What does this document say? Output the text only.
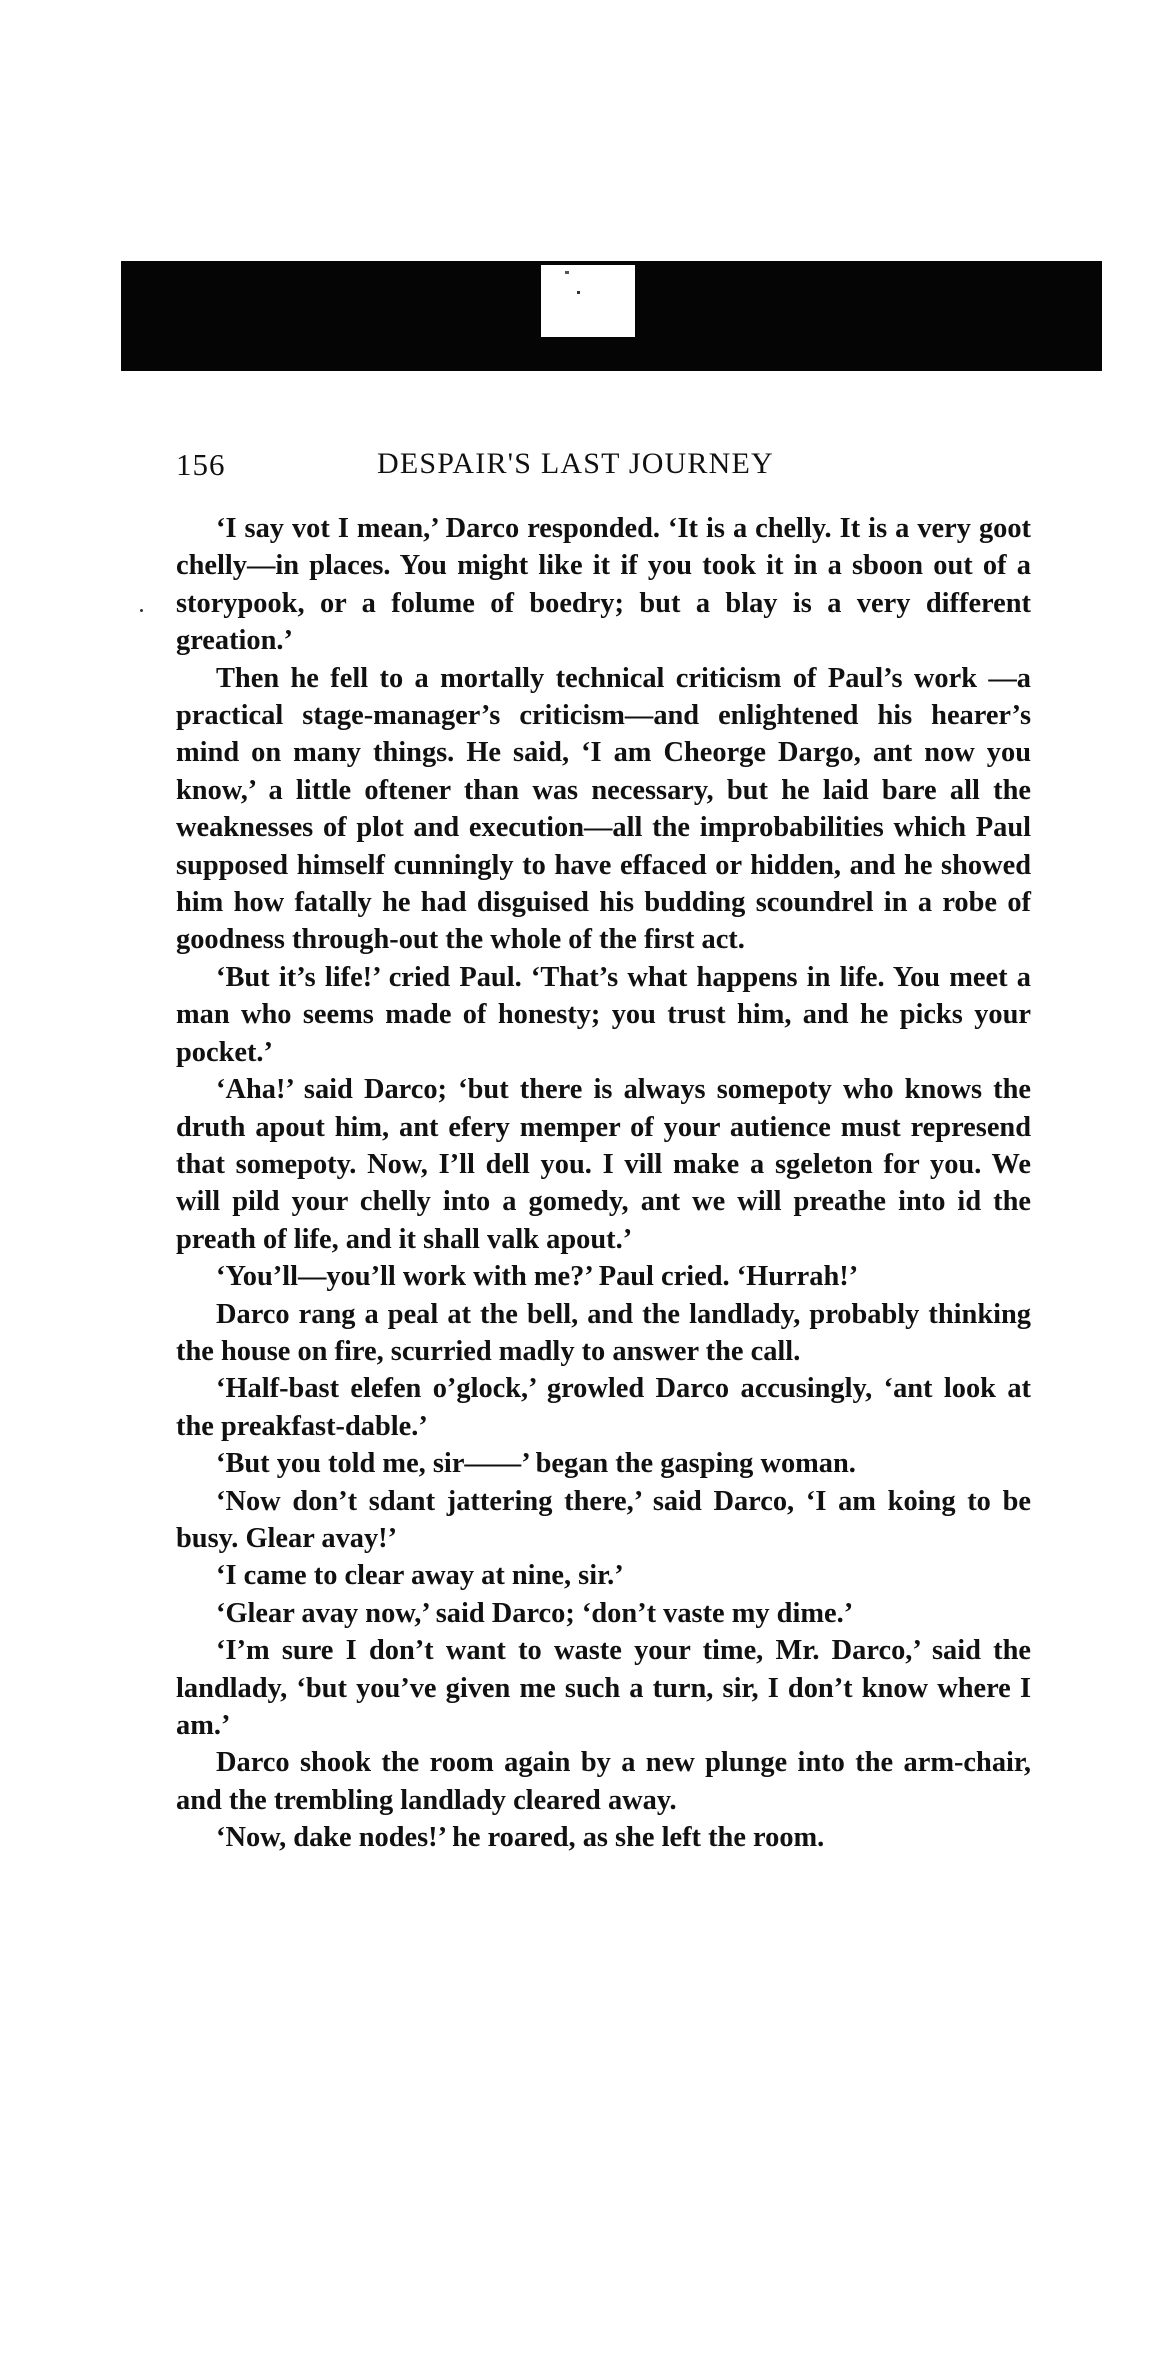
156	DESPAIR'S LAST JOURNEY

‘I say vot I mean,’ Darco responded. ‘It is a chelly. It is a very goot chelly—in places. You might like it if you took it in a sboon out of a storypook, or a folume of boedry; but a blay is a very different greation.’

Then he fell to a mortally technical criticism of Paul’s work —a practical stage-manager’s criticism—and enlightened his hearer’s mind on many things. He said, ‘I am Cheorge Dargo, ant now you know,’ a little oftener than was necessary, but he laid bare all the weaknesses of plot and execution—all the improbabilities which Paul supposed himself cunningly to have effaced or hidden, and he showed him how fatally he had disguised his budding scoundrel in a robe of goodness through-out the whole of the first act.

‘But it’s life!’ cried Paul. ‘That’s what happens in life. You meet a man who seems made of honesty; you trust him, and he picks your pocket.’

‘Aha!’ said Darco; ‘but there is always somepoty who knows the druth apout him, ant efery memper of your autience must represend that somepoty. Now, I’ll dell you. I vill make a sgeleton for you. We will pild your chelly into a gomedy, ant we will preathe into id the preath of life, and it shall valk apout.’

‘You’ll—you’ll work with me?’ Paul cried. ‘Hurrah!’

Darco rang a peal at the bell, and the landlady, probably thinking the house on fire, scurried madly to answer the call.

‘Half-bast elefen o’glock,’ growled Darco accusingly, ‘ant look at the preakfast-dable.’

‘But you told me, sir——’ began the gasping woman.

‘Now don’t sdant jattering there,’ said Darco, ‘I am koing to be busy. Glear avay!’

‘I came to clear away at nine, sir.’

‘Glear avay now,’ said Darco; ‘don’t vaste my dime.’

‘I’m sure I don’t want to waste your time, Mr. Darco,’ said the landlady, ‘but you’ve given me such a turn, sir, I don’t know where I am.’

Darco shook the room again by a new plunge into the arm-chair, and the trembling landlady cleared away.

‘Now, dake nodes!’ he roared, as she left the room.
